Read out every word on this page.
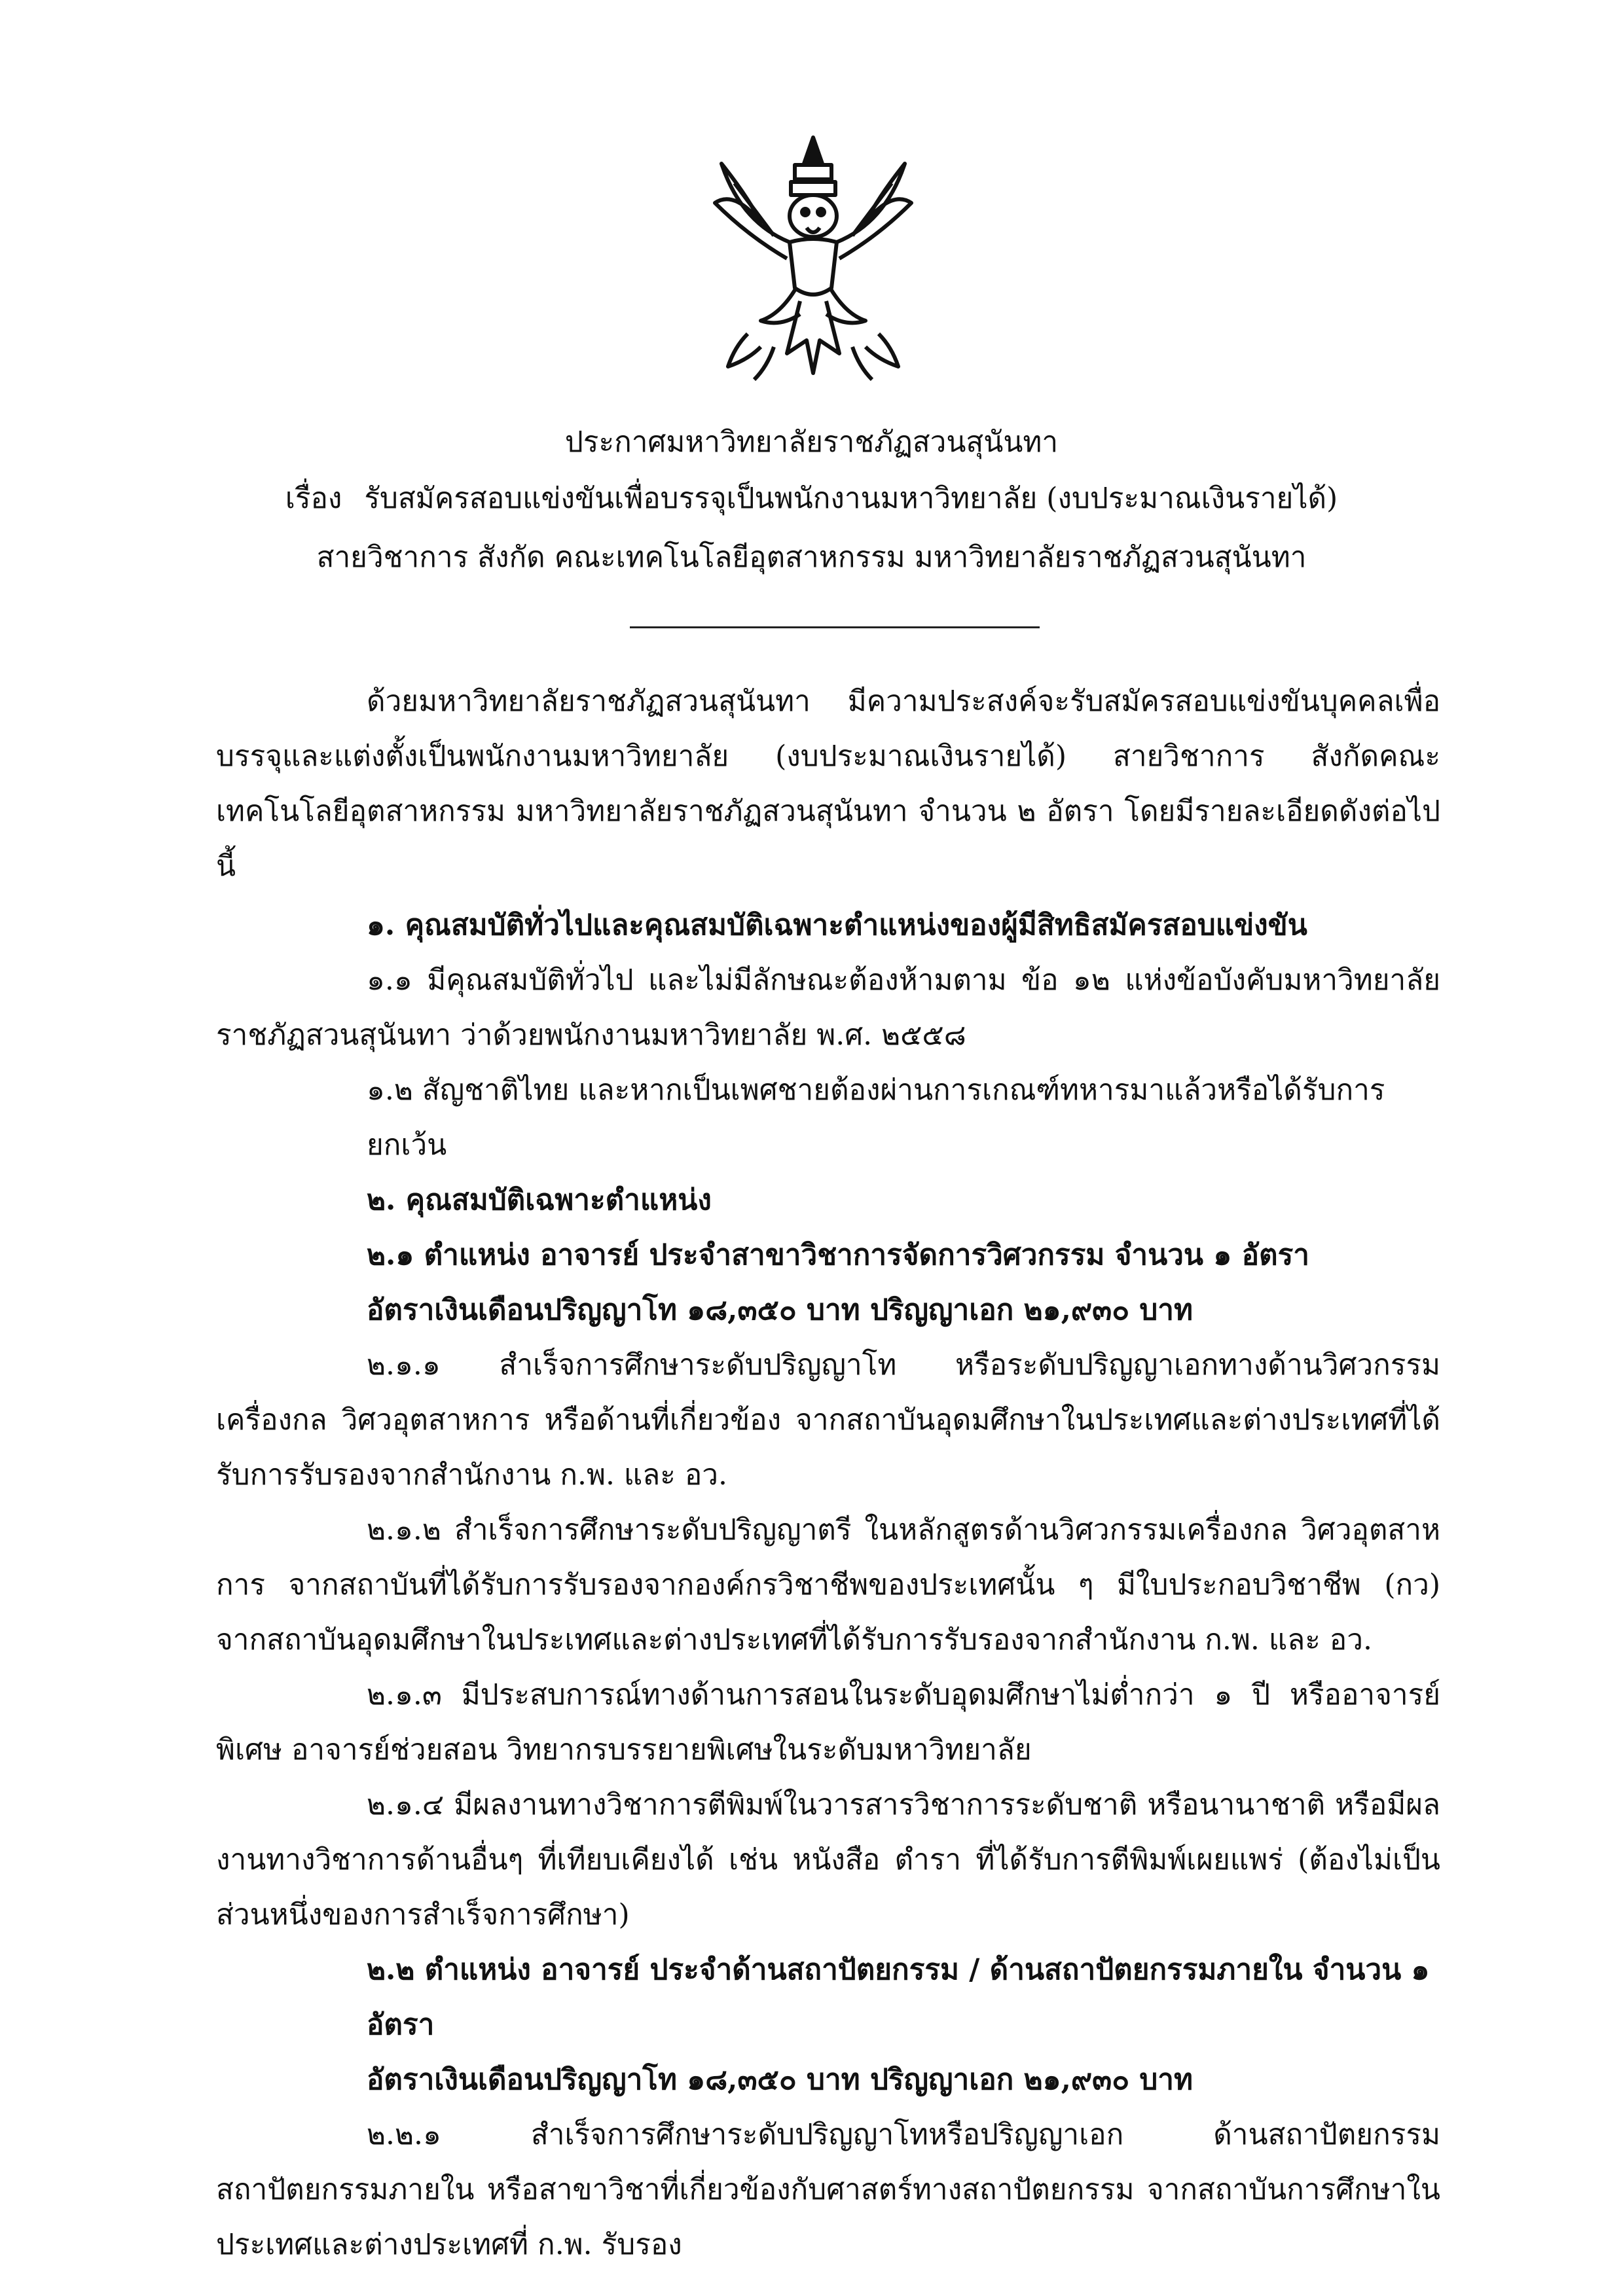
ประกาศมหาวิทยาลัยราชภัฏสวนสุนันทา
เรื่อง รับสมัครสอบแข่งขันเพื่อบรรจุเป็นพนักงานมหาวิทยาลัย (งบประมาณเงินรายได้)
สายวิชาการ สังกัด คณะเทคโนโลยีอุตสาหกรรม มหาวิทยาลัยราชภัฏสวนสุนันทา

ด้วยมหาวิทยาลัยราชภัฏสวนสุนันทา มีความประสงค์จะรับสมัครสอบแข่งขันบุคคลเพื่อบรรจุและแต่งตั้งเป็นพนักงานมหาวิทยาลัย (งบประมาณเงินรายได้) สายวิชาการ สังกัดคณะเทคโนโลยีอุตสาหกรรม มหาวิทยาลัยราชภัฏสวนสุนันทา จำนวน ๒ อัตรา โดยมีรายละเอียดดังต่อไปนี้

๑. คุณสมบัติทั่วไปและคุณสมบัติเฉพาะตำแหน่งของผู้มีสิทธิสมัครสอบแข่งขัน

๑.๑ มีคุณสมบัติทั่วไป และไม่มีลักษณะต้องห้ามตาม ข้อ ๑๒ แห่งข้อบังคับมหาวิทยาลัยราชภัฏสวนสุนันทา ว่าด้วยพนักงานมหาวิทยาลัย พ.ศ. ๒๕๕๘

๑.๒ สัญชาติไทย และหากเป็นเพศชายต้องผ่านการเกณฑ์ทหารมาแล้วหรือได้รับการยกเว้น

๒. คุณสมบัติเฉพาะตำแหน่ง

๒.๑ ตำแหน่ง อาจารย์ ประจำสาขาวิชาการจัดการวิศวกรรม จำนวน ๑ อัตรา

อัตราเงินเดือนปริญญาโท ๑๘,๓๕๐ บาท ปริญญาเอก ๒๑,๙๓๐ บาท

๒.๑.๑ สำเร็จการศึกษาระดับปริญญาโท หรือระดับปริญญาเอกทางด้านวิศวกรรมเครื่องกล วิศวอุตสาหการ หรือด้านที่เกี่ยวข้อง จากสถาบันอุดมศึกษาในประเทศและต่างประเทศที่ได้รับการรับรองจากสำนักงาน ก.พ. และ อว.

๒.๑.๒ สำเร็จการศึกษาระดับปริญญาตรี ในหลักสูตรด้านวิศวกรรมเครื่องกล วิศวอุตสาหการ จากสถาบันที่ได้รับการรับรองจากองค์กรวิชาชีพของประเทศนั้น ๆ มีใบประกอบวิชาชีพ (กว) จากสถาบันอุดมศึกษาในประเทศและต่างประเทศที่ได้รับการรับรองจากสำนักงาน ก.พ. และ อว.

๒.๑.๓ มีประสบการณ์ทางด้านการสอนในระดับอุดมศึกษาไม่ต่ำกว่า ๑ ปี หรืออาจารย์พิเศษ อาจารย์ช่วยสอน วิทยากรบรรยายพิเศษในระดับมหาวิทยาลัย

๒.๑.๔ มีผลงานทางวิชาการตีพิมพ์ในวารสารวิชาการระดับชาติ หรือนานาชาติ หรือมีผลงานทางวิชาการด้านอื่นๆ ที่เทียบเคียงได้ เช่น หนังสือ ตำรา ที่ได้รับการตีพิมพ์เผยแพร่ (ต้องไม่เป็นส่วนหนึ่งของการสำเร็จการศึกษา)

๒.๒ ตำแหน่ง อาจารย์ ประจำด้านสถาปัตยกรรม / ด้านสถาปัตยกรรมภายใน จำนวน ๑ อัตรา

อัตราเงินเดือนปริญญาโท ๑๘,๓๕๐ บาท ปริญญาเอก ๒๑,๙๓๐ บาท

๒.๒.๑ สำเร็จการศึกษาระดับปริญญาโทหรือปริญญาเอก ด้านสถาปัตยกรรม สถาปัตยกรรมภายใน หรือสาขาวิชาที่เกี่ยวข้องกับศาสตร์ทางสถาปัตยกรรม จากสถาบันการศึกษาในประเทศและต่างประเทศที่ ก.พ. รับรอง
